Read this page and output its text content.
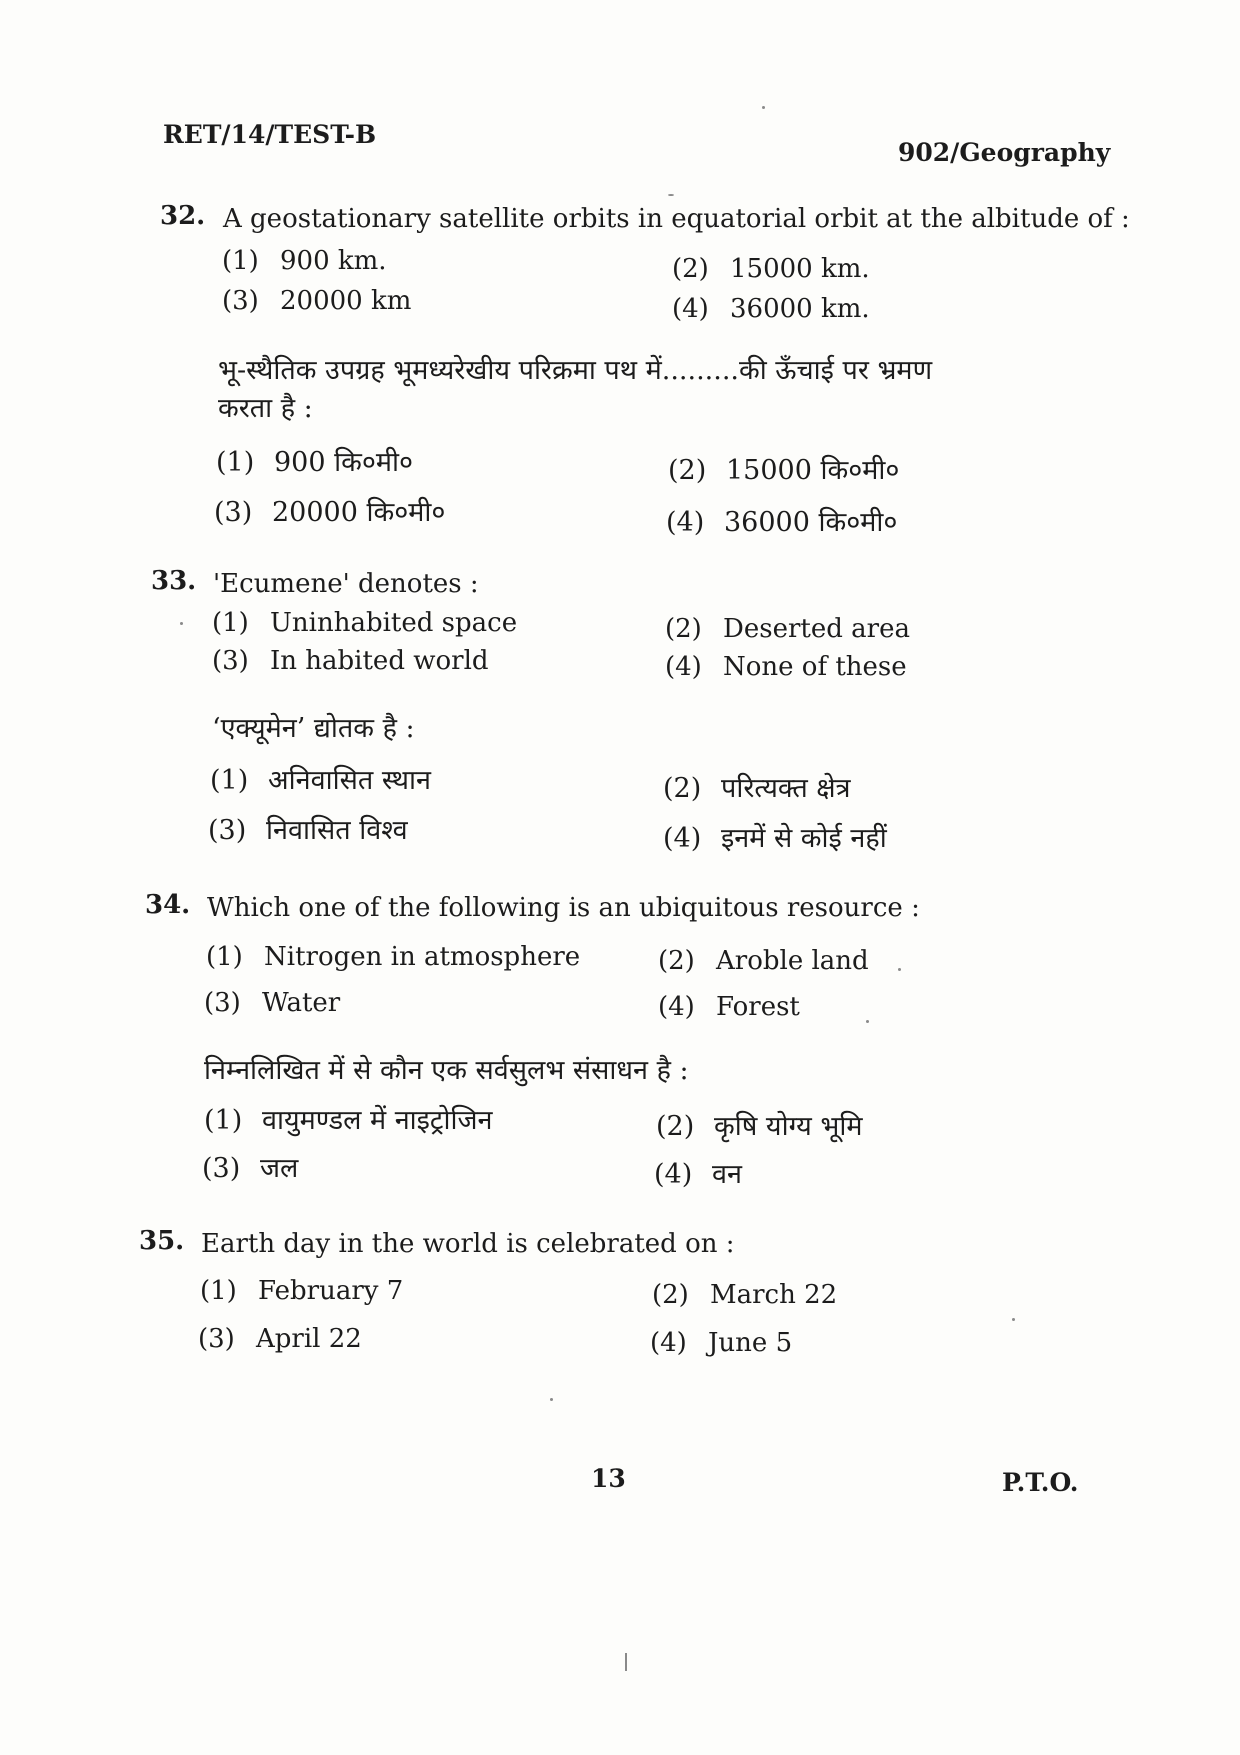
RET/14/TEST-B
902/Geography
32. A geostationary satellite orbits in equatorial orbit at the albitude of :
(1) 900 km.	(2) 15000 km.
(3) 20000 km	(4) 36000 km.
भू-स्थैतिक उपग्रह भूमध्यरेखीय परिक्रमा पथ में.........की ऊँचाई पर भ्रमण
करता है :
(1) 900 कि०मी०	(2) 15000 कि०मी०
(3) 20000 कि०मी०	(4) 36000 कि०मी०
33. 'Ecumene' denotes :
(1) Uninhabited space	(2) Deserted area
(3) In habited world	(4) None of these
‘एक्यूमेन’ द्योतक है :
(1) अनिवासित स्थान	(2) परित्यक्त क्षेत्र
(3) निवासित विश्व	(4) इनमें से कोई नहीं
34. Which one of the following is an ubiquitous resource :
(1) Nitrogen in atmosphere	(2) Aroble land
(3) Water	(4) Forest
निम्नलिखित में से कौन एक सर्वसुलभ संसाधन है :
(1) वायुमण्डल में नाइट्रोजिन	(2) कृषि योग्य भूमि
(3) जल	(4) वन
35. Earth day in the world is celebrated on :
(1) February 7	(2) March 22
(3) April 22	(4) June 5
13	P.T.O.
